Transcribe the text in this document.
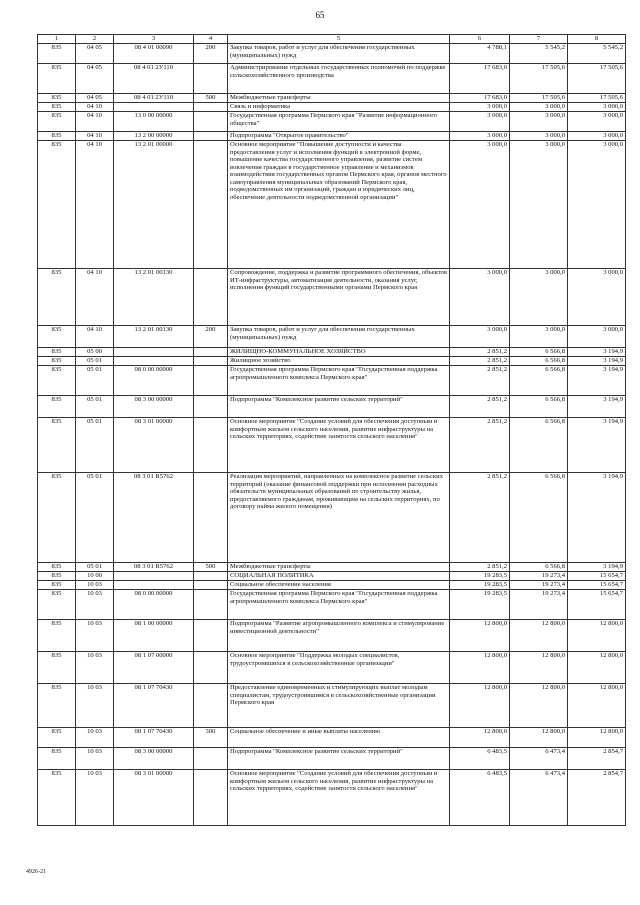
65
1	2	3	4	5	6	7	8
835	04 05	08 4 01 00090	200	Закупка товаров, работ и услуг для обеспечения государственных (муниципальных) нужд	4 788,1	5 545,2	5 545,2
835	04 05	08 4 01 2У110		Администрирование отдельных государственных полномочий по поддержке сельскохозяйственного производства	17 683,0	17 505,6	17 505,6
835	04 05	08 4 01 2У110	500	Межбюджетные трансферты	17 683,0	17 505,6	17 505,6
835	04 10			Связь и информатика	3 000,0	3 000,0	3 000,0
835	04 10	13 0 00 00000		Государственная программа Пермского края "Развитие информационного общества"	3 000,0	3 000,0	3 000,0
835	04 10	13 2 00 00000		Подпрограмма "Открытое правительство"	3 000,0	3 000,0	3 000,0
835	04 10	13 2 01 00000		Основное мероприятие "Повышение доступности и качества предоставления услуг и исполнения функций в электронной форме, повышение качества государственного управления, развитие систем вовлечения граждан в государственное управление и механизмов взаимодействия государственных органов Пермского края, органов местного самоуправления муниципальных образований Пермского края, подведомственных им организаций, граждан и юридических лиц, обеспечение деятельности подведомственной организации"	3 000,0	3 000,0	3 000,0
835	04 10	13 2 01 00130		Сопровождение, поддержка и развитие программного обеспечения, объектов ИТ-инфраструктуры, автоматизация деятельности, оказания услуг, исполнения функций государственными органами Пермского края	3 000,0	3 000,0	3 000,0
835	04 10	13 2 01 00130	200	Закупка товаров, работ и услуг для обеспечения государственных (муниципальных) нужд	3 000,0	3 000,0	3 000,0
835	05 00			ЖИЛИЩНО-КОММУНАЛЬНОЕ ХОЗЯЙСТВО	2 851,2	6 566,8	3 194,9
835	05 01			Жилищное хозяйство	2 851,2	6 566,8	3 194,9
835	05 01	08 0 00 00000		Государственная программа Пермского края "Государственная поддержка агропромышленного комплекса Пермского края"	2 851,2	6 566,8	3 194,9
835	05 01	08 3 00 00000		Подпрограмма "Комплексное развитие сельских территорий"	2 851,2	6 566,8	3 194,9
835	05 01	08 3 01 00000		Основное мероприятие "Создание условий для обеспечения доступным и комфортным жильем сельского населения, развитие инфраструктуры на сельских территориях, содействие занятости сельского населения"	2 851,2	6 566,8	3 194,9
835	05 01	08 3 01 R5762		Реализация мероприятий, направленных на комплексное развитие сельских территорий (оказание финансовой поддержки при исполнении расходных обязательств муниципальных образований по строительству жилья, предоставляемого гражданам, проживающим на сельских территориях, по договору найма жилого помещения)	2 851,2	6 566,8	3 194,9
835	05 01	08 3 01 R5762	500	Межбюджетные трансферты	2 851,2	6 566,8	3 194,9
835	10 00			СОЦИАЛЬНАЯ ПОЛИТИКА	19 283,5	19 273,4	15 654,7
835	10 03			Социальное обеспечение населения	19 283,5	19 273,4	15 654,7
835	10 03	08 0 00 00000		Государственная программа Пермского края "Государственная поддержка агропромышленного комплекса Пермского края"	19 283,5	19 273,4	15 654,7
835	10 03	08 1 00 00000		Подпрограмма "Развитие агропромышленного комплекса и стимулирование инвестиционной деятельности"	12 800,0	12 800,0	12 800,0
835	10 03	08 1 07 00000		Основное мероприятие "Поддержка молодых специалистов, трудоустроившихся в сельскохозяйственные организации"	12 800,0	12 800,0	12 800,0
835	10 03	08 1 07 70430		Предоставление единовременных и стимулирующих выплат молодым специалистам, трудоустроившимся в сельскохозяйственные организации Пермского края	12 800,0	12 800,0	12 800,0
835	10 03	08 1 07 70430	300	Социальное обеспечение и иные выплаты населению	12 800,0	12 800,0	12 800,0
835	10 03	08 3 00 00000		Подпрограмма "Комплексное развитие сельских территорий"	6 483,5	6 473,4	2 854,7
835	10 03	08 3 01 00000		Основное мероприятие "Создание условий для обеспечения доступным и комфортным жильем сельского населения, развитие инфраструктуры на сельских территориях, содействие занятости сельского населения"	6 483,5	6 473,4	2 854,7
4926-21
